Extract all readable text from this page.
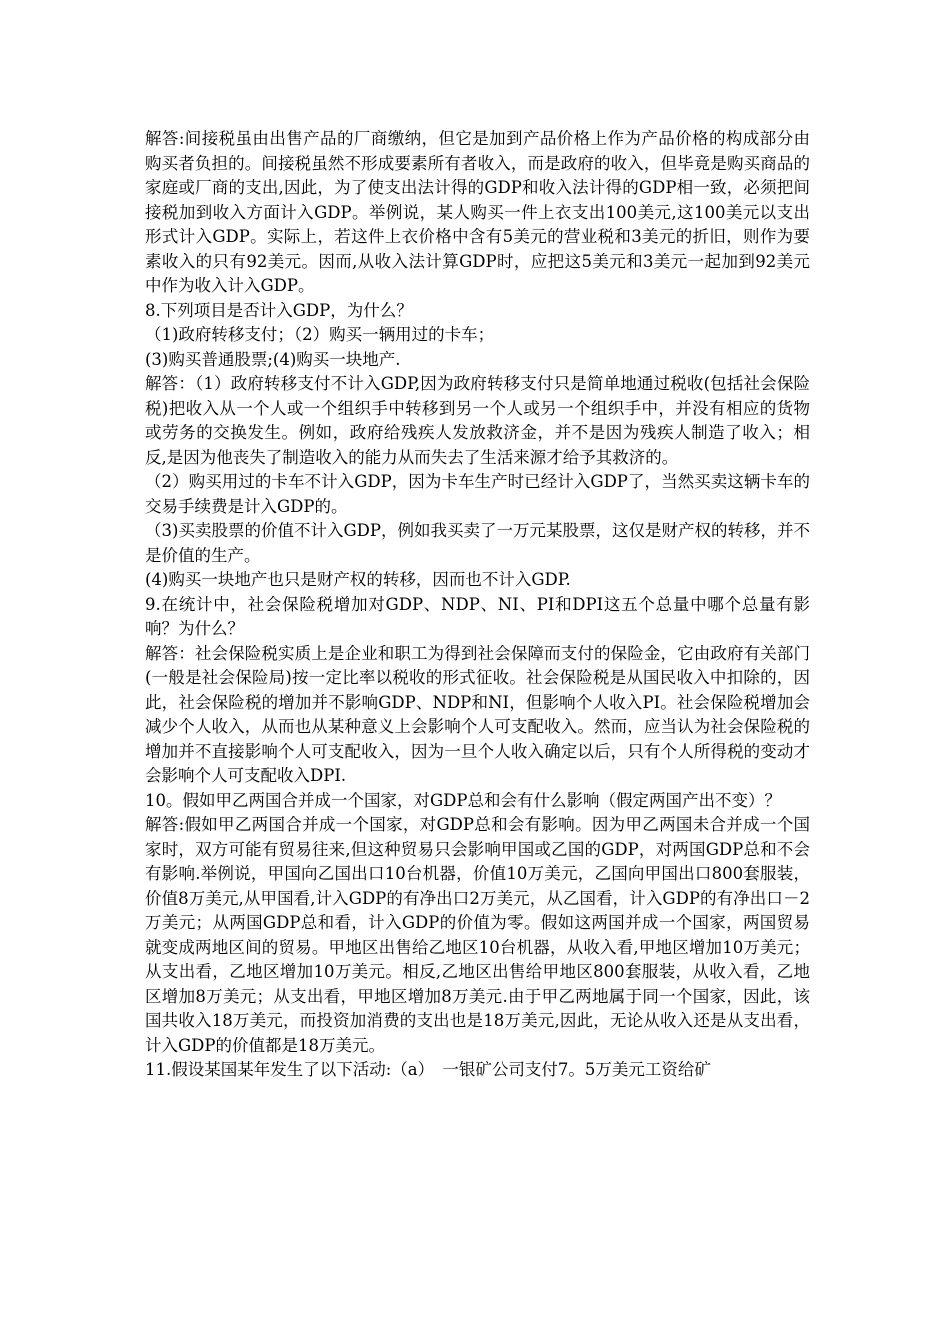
解答:间接税虽由出售产品的厂商缴纳，但它是加到产品价格上作为产品价格的构成部分由购买者负担的。间接税虽然不形成要素所有者收入，而是政府的收入，但毕竟是购买商品的家庭或厂商的支出,因此，为了使支出法计得的GDP和收入法计得的GDP相一致，必须把间接税加到收入方面计入GDP。举例说，某人购买一件上衣支出100美元,这100美元以支出形式计入GDP。实际上，若这件上衣价格中含有5美元的营业税和3美元的折旧，则作为要素收入的只有92美元。因而,从收入法计算GDP时，应把这5美元和3美元一起加到92美元中作为收入计入GDP。

8.下列项目是否计入GDP，为什么？

（1)政府转移支付；（2）购买一辆用过的卡车；

(3)购买普通股票;(4)购买一块地产.

解答：（1）政府转移支付不计入GDP,因为政府转移支付只是简单地通过税收(包括社会保险税)把收入从一个人或一个组织手中转移到另一个人或另一个组织手中，并没有相应的货物或劳务的交换发生。例如，政府给残疾人发放救济金，并不是因为残疾人制造了收入；相反,是因为他丧失了制造收入的能力从而失去了生活来源才给予其救济的。

（2）购买用过的卡车不计入GDP，因为卡车生产时已经计入GDP了，当然买卖这辆卡车的交易手续费是计入GDP的。

（3)买卖股票的价值不计入GDP，例如我买卖了一万元某股票，这仅是财产权的转移，并不是价值的生产。

(4)购买一块地产也只是财产权的转移，因而也不计入GDP.

9.在统计中，社会保险税增加对GDP、NDP、NI、PI和DPI这五个总量中哪个总量有影响？为什么？

解答：社会保险税实质上是企业和职工为得到社会保障而支付的保险金，它由政府有关部门(一般是社会保险局)按一定比率以税收的形式征收。社会保险税是从国民收入中扣除的，因此，社会保险税的增加并不影响GDP、NDP和NI，但影响个人收入PI。社会保险税增加会减少个人收入，从而也从某种意义上会影响个人可支配收入。然而，应当认为社会保险税的增加并不直接影响个人可支配收入，因为一旦个人收入确定以后，只有个人所得税的变动才会影响个人可支配收入DPI.

10。假如甲乙两国合并成一个国家，对GDP总和会有什么影响（假定两国产出不变）？

解答:假如甲乙两国合并成一个国家，对GDP总和会有影响。因为甲乙两国未合并成一个国家时，双方可能有贸易往来,但这种贸易只会影响甲国或乙国的GDP，对两国GDP总和不会有影响.举例说，甲国向乙国出口10台机器，价值10万美元，乙国向甲国出口800套服装，价值8万美元,从甲国看,计入GDP的有净出口2万美元，从乙国看，计入GDP的有净出口－2万美元；从两国GDP总和看，计入GDP的价值为零。假如这两国并成一个国家，两国贸易就变成两地区间的贸易。甲地区出售给乙地区10台机器，从收入看,甲地区增加10万美元；从支出看，乙地区增加10万美元。相反,乙地区出售给甲地区800套服装，从收入看，乙地区增加8万美元；从支出看，甲地区增加8万美元.由于甲乙两地属于同一个国家，因此，该国共收入18万美元，而投资加消费的支出也是18万美元,因此，无论从收入还是从支出看，计入GDP的价值都是18万美元。

11.假设某国某年发生了以下活动:（a）　一银矿公司支付7。5万美元工资给矿
